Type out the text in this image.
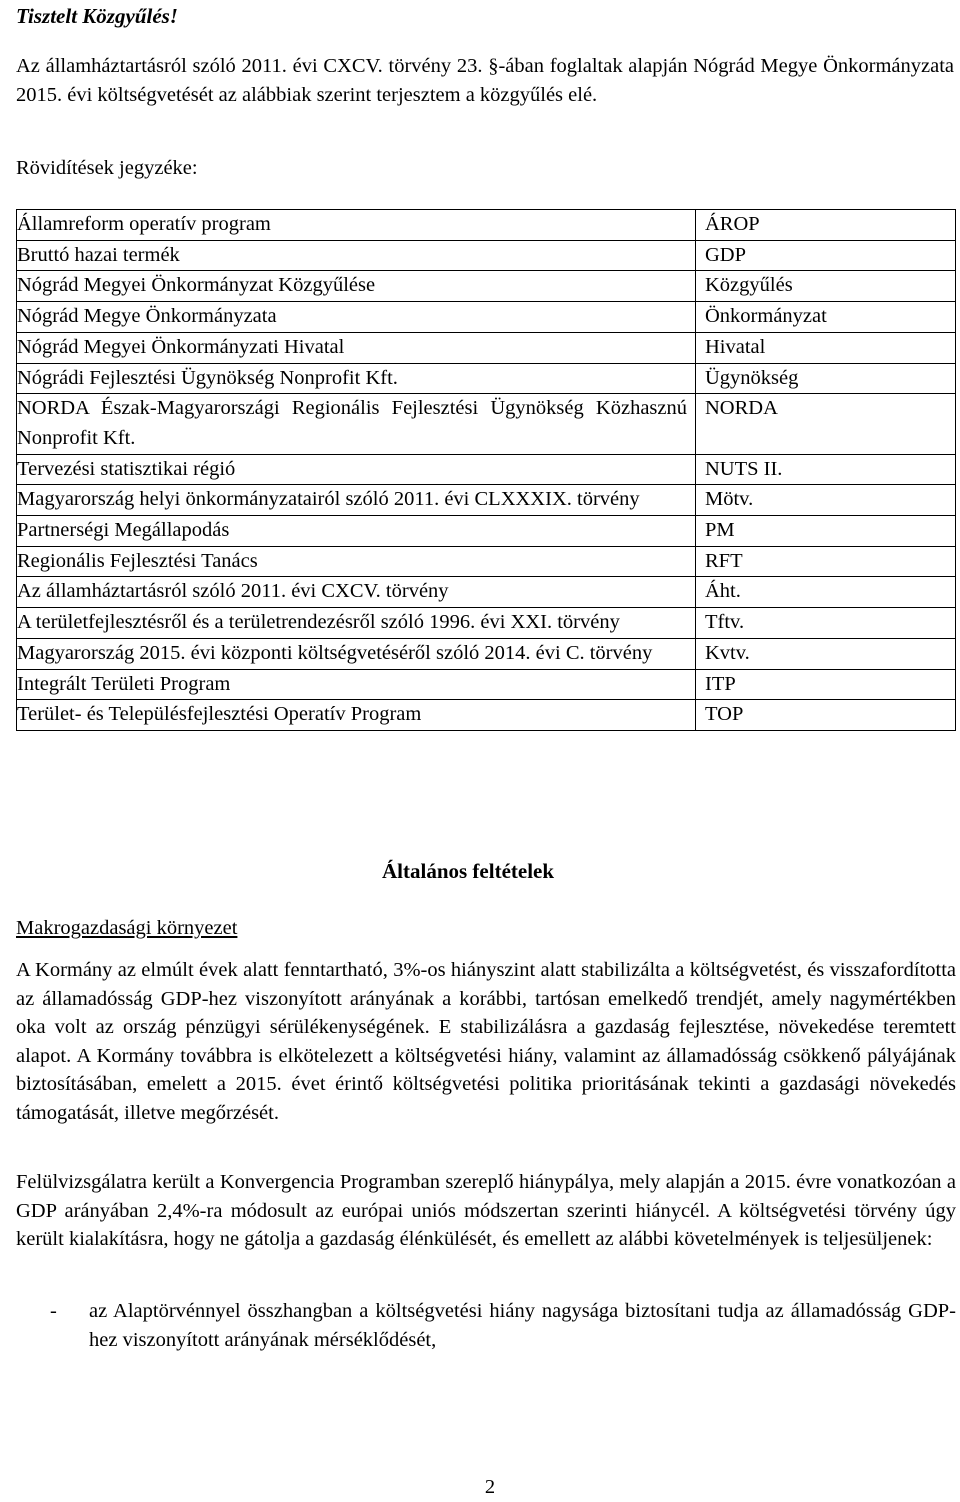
Tisztelt Közgyűlés!
Az államháztartásról szóló 2011. évi CXCV. törvény 23. §-ában foglaltak alapján Nógrád Megye Önkormányzata 2015. évi költségvetését az alábbiak szerint terjesztem a közgyűlés elé.
Rövidítések jegyzéke:
Államreform operatív program	ÁROP
Bruttó hazai termék	GDP
Nógrád Megyei Önkormányzat Közgyűlése	Közgyűlés
Nógrád Megye Önkormányzata	Önkormányzat
Nógrád Megyei Önkormányzati Hivatal	Hivatal
Nógrádi Fejlesztési Ügynökség Nonprofit Kft.	Ügynökség
NORDA Észak-Magyarországi Regionális Fejlesztési Ügynökség Közhasznú Nonprofit Kft.	NORDA
Tervezési statisztikai régió	NUTS II.
Magyarország helyi önkormányzatairól szóló 2011. évi CLXXXIX. törvény	Mötv.
Partnerségi Megállapodás	PM
Regionális Fejlesztési Tanács	RFT
Az államháztartásról szóló 2011. évi CXCV. törvény	Áht.
A területfejlesztésről és a területrendezésről szóló 1996. évi XXI. törvény	Tftv.
Magyarország 2015. évi központi költségvetéséről szóló 2014. évi C. törvény	Kvtv.
Integrált Területi Program	ITP
Terület- és Településfejlesztési Operatív Program	TOP
Általános feltételek
Makrogazdasági környezet
A Kormány az elmúlt évek alatt fenntartható, 3%-os hiányszint alatt stabilizálta a költségvetést, és visszafordította az államadósság GDP-hez viszonyított arányának a korábbi, tartósan emelkedő trendjét, amely nagymértékben oka volt az ország pénzügyi sérülékenységének. E stabilizálásra a gazdaság fejlesztése, növekedése teremtett alapot. A Kormány továbbra is elkötelezett a költségvetési hiány, valamint az államadósság csökkenő pályájának biztosításában, emelett a 2015. évet érintő költségvetési politika prioritásának tekinti a gazdasági növekedés támogatását, illetve megőrzését.
Felülvizsgálatra került a Konvergencia Programban szereplő hiánypálya, mely alapján a 2015. évre vonatkozóan a GDP arányában 2,4%-ra módosult az európai uniós módszertan szerinti hiánycél. A költségvetési törvény úgy került kialakításra, hogy ne gátolja a gazdaság élénkülését, és emellett az alábbi követelmények is teljesüljenek:
- az Alaptörvénnyel összhangban a költségvetési hiány nagysága biztosítani tudja az államadósság GDP-hez viszonyított arányának mérséklődését,
2
